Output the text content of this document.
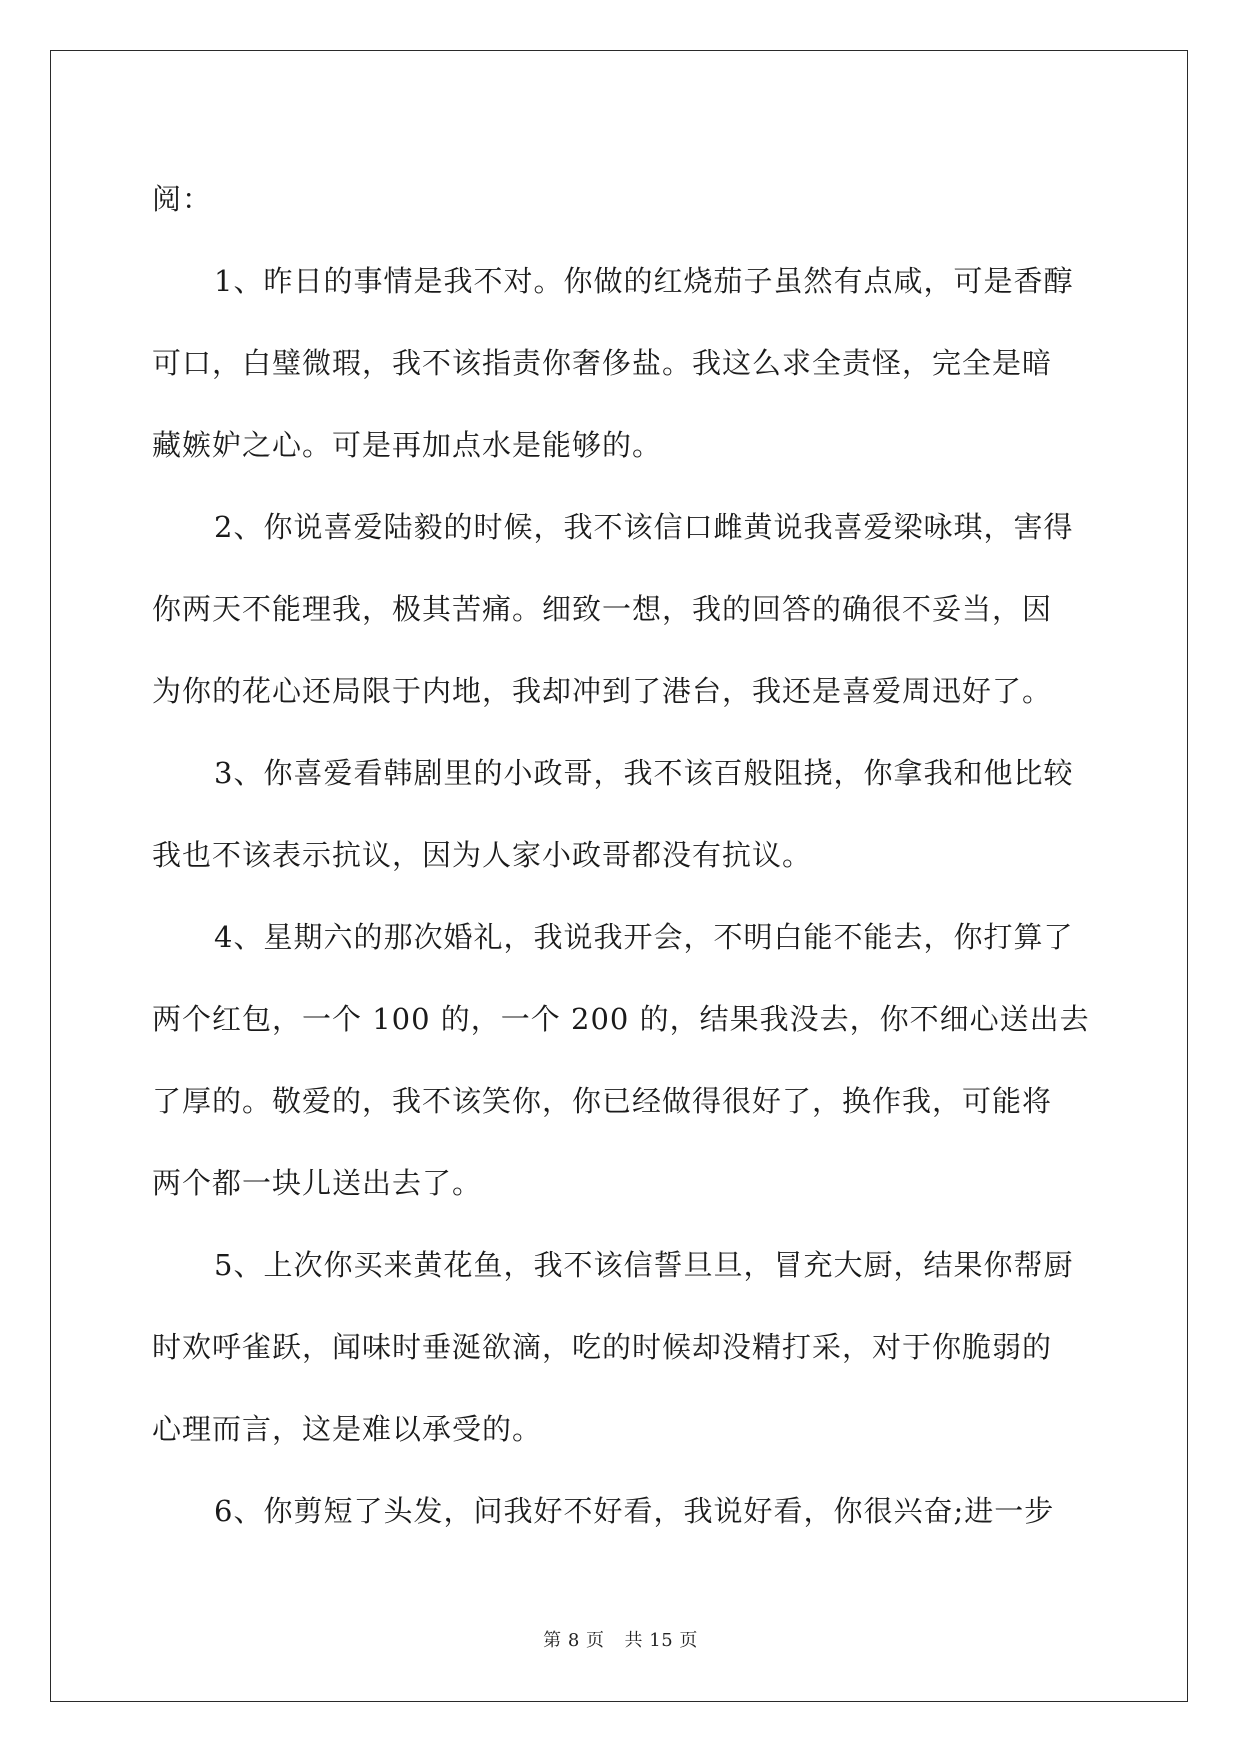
阅：
1、昨日的事情是我不对。你做的红烧茄子虽然有点咸，可是香醇
可口，白璧微瑕，我不该指责你奢侈盐。我这么求全责怪，完全是暗
藏嫉妒之心。可是再加点水是能够的。
2、你说喜爱陆毅的时候，我不该信口雌黄说我喜爱梁咏琪，害得
你两天不能理我，极其苦痛。细致一想，我的回答的确很不妥当，因
为你的花心还局限于内地，我却冲到了港台，我还是喜爱周迅好了。
3、你喜爱看韩剧里的小政哥，我不该百般阻挠，你拿我和他比较
我也不该表示抗议，因为人家小政哥都没有抗议。
4、星期六的那次婚礼，我说我开会，不明白能不能去，你打算了
两个红包，一个 100 的，一个 200 的，结果我没去，你不细心送出去
了厚的。敬爱的，我不该笑你，你已经做得很好了，换作我，可能将
两个都一块儿送出去了。
5、上次你买来黄花鱼，我不该信誓旦旦，冒充大厨，结果你帮厨
时欢呼雀跃，闻味时垂涎欲滴，吃的时候却没精打采，对于你脆弱的
心理而言，这是难以承受的。
6、你剪短了头发，问我好不好看，我说好看，你很兴奋;进一步
第 8 页 共 15 页
